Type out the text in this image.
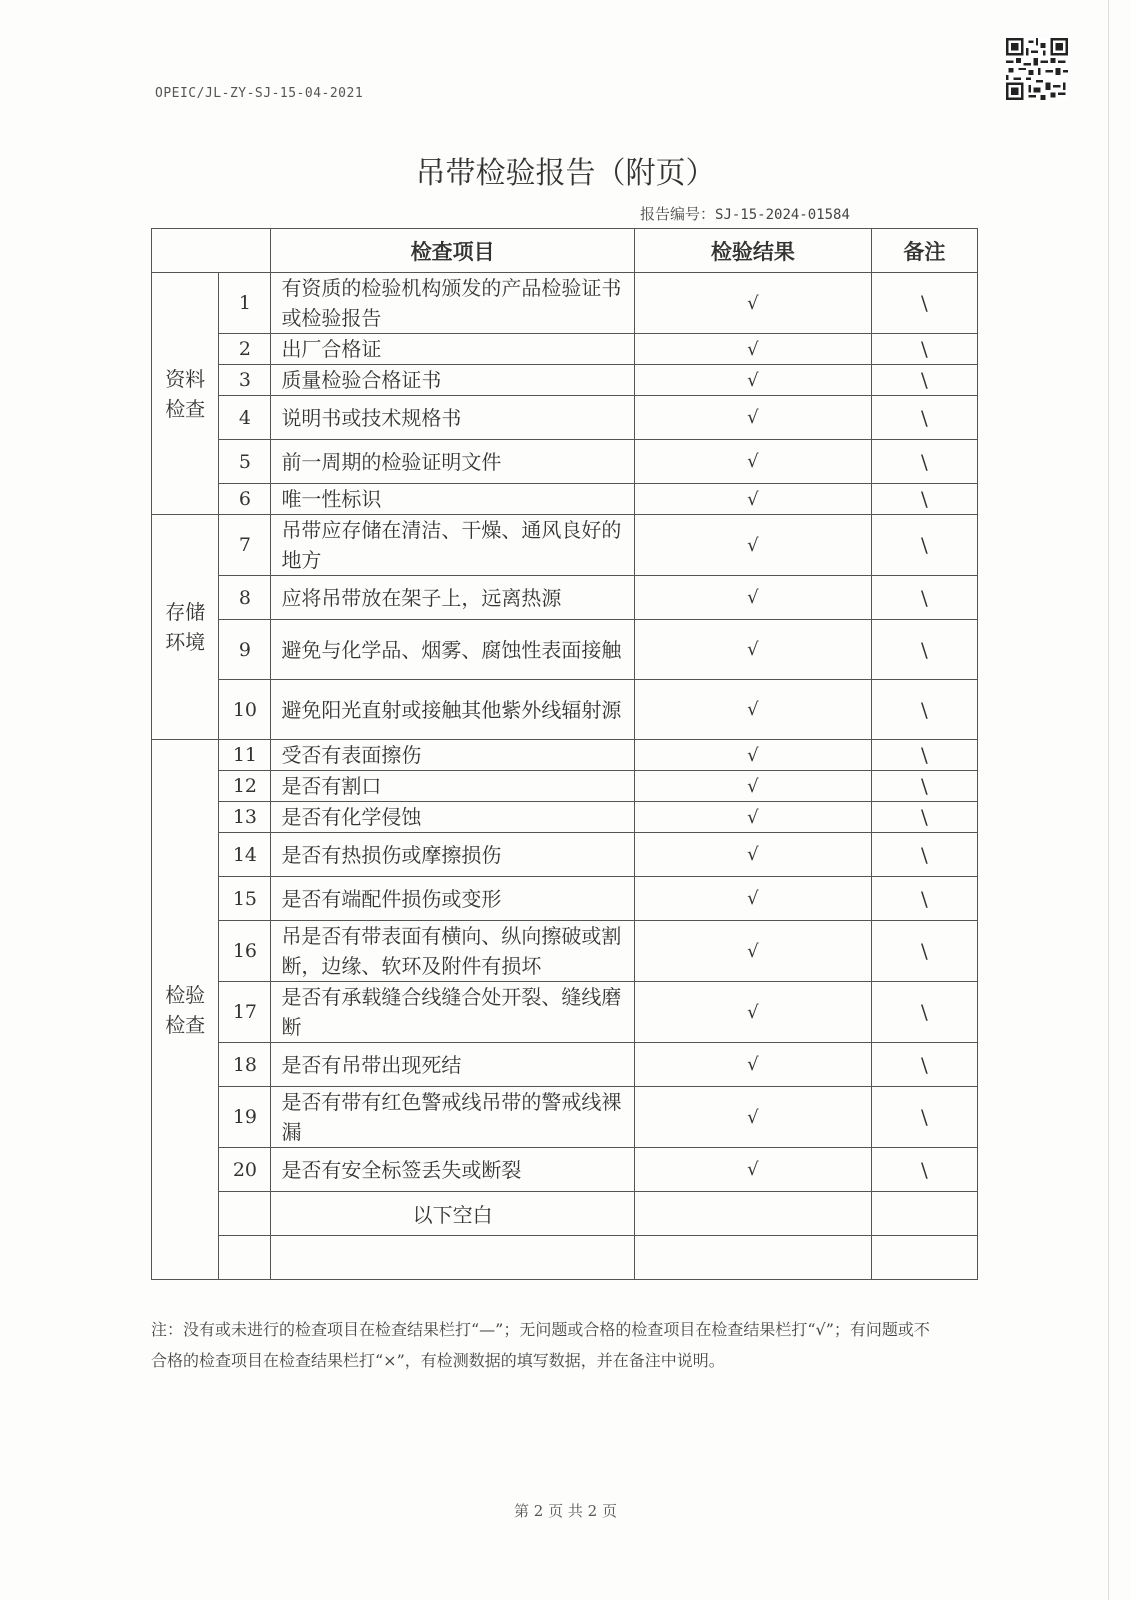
OPEIC/JL-ZY-SJ-15-04-2021
吊带检验报告（附页）
报告编号：SJ-15-2024-01584
		检查项目	检验结果	备注
资料
检查	1	有资质的检验机构颁发的产品检验证书或检验报告	√	\
	2	出厂合格证	√	\
	3	质量检验合格证书	√	\
	4	说明书或技术规格书	√	\
	5	前一周期的检验证明文件	√	\
	6	唯一性标识	√	\
存储
环境	7	吊带应存储在清洁、干燥、通风良好的地方	√	\
	8	应将吊带放在架子上，远离热源	√	\
	9	避免与化学品、烟雾、腐蚀性表面接触	√	\
	10	避免阳光直射或接触其他紫外线辐射源	√	\
检验
检查	11	受否有表面擦伤	√	\
	12	是否有割口	√	\
	13	是否有化学侵蚀	√	\
	14	是否有热损伤或摩擦损伤	√	\
	15	是否有端配件损伤或变形	√	\
	16	吊是否有带表面有横向、纵向擦破或割断，边缘、软环及附件有损坏	√	\
	17	是否有承载缝合线缝合处开裂、缝线磨断	√	\
	18	是否有吊带出现死结	√	\
	19	是否有带有红色警戒线吊带的警戒线裸漏	√	\
	20	是否有安全标签丢失或断裂	√	\
		以下空白		

注：没有或未进行的检查项目在检查结果栏打“—”；无问题或合格的检查项目在检查结果栏打“√”；有问题或不合格的检查项目在检查结果栏打“×”，有检测数据的填写数据，并在备注中说明。
第 2 页 共 2 页
